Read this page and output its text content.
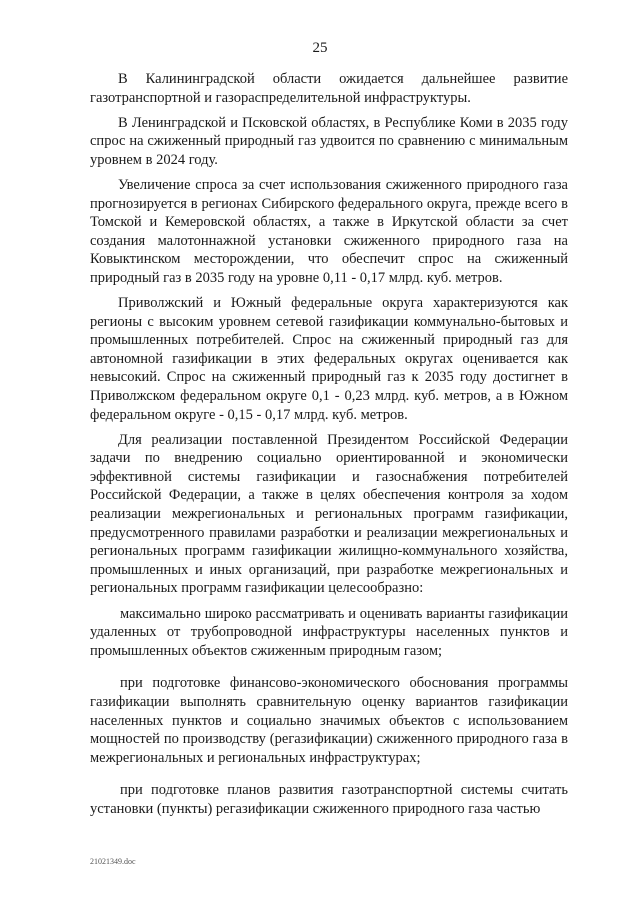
25

В Калининградской области ожидается дальнейшее развитие газотранспортной и газораспределительной инфраструктуры.

В Ленинградской и Псковской областях, в Республике Коми в 2035 году спрос на сжиженный природный газ удвоится по сравнению с минимальным уровнем в 2024 году.

Увеличение спроса за счет использования сжиженного природного газа прогнозируется в регионах Сибирского федерального округа, прежде всего в Томской и Кемеровской областях, а также в Иркутской области за счет создания малотоннажной установки сжиженного природного газа на Ковыктинском месторождении, что обеспечит спрос на сжиженный природный газ в 2035 году на уровне 0,11 - 0,17 млрд. куб. метров.

Приволжский и Южный федеральные округа характеризуются как регионы с высоким уровнем сетевой газификации коммунально-бытовых и промышленных потребителей. Спрос на сжиженный природный газ для автономной газификации в этих федеральных округах оценивается как невысокий. Спрос на сжиженный природный газ к 2035 году достигнет в Приволжском федеральном округе 0,1 - 0,23 млрд. куб. метров, а в Южном федеральном округе - 0,15 - 0,17 млрд. куб. метров.

Для реализации поставленной Президентом Российской Федерации задачи по внедрению социально ориентированной и экономически эффективной системы газификации и газоснабжения потребителей Российской Федерации, а также в целях обеспечения контроля за ходом реализации межрегиональных и региональных программ газификации, предусмотренного правилами разработки и реализации межрегиональных и региональных программ газификации жилищно-коммунального хозяйства, промышленных и иных организаций, при разработке межрегиональных и региональных программ газификации целесообразно:

максимально широко рассматривать и оценивать варианты газификации удаленных от трубопроводной инфраструктуры населенных пунктов и промышленных объектов сжиженным природным газом;

при подготовке финансово-экономического обоснования программы газификации выполнять сравнительную оценку вариантов газификации населенных пунктов и социально значимых объектов с использованием мощностей по производству (регазификации) сжиженного природного газа в межрегиональных и региональных инфраструктурах;

при подготовке планов развития газотранспортной системы считать установки (пункты) регазификации сжиженного природного газа частью

21021349.doc
